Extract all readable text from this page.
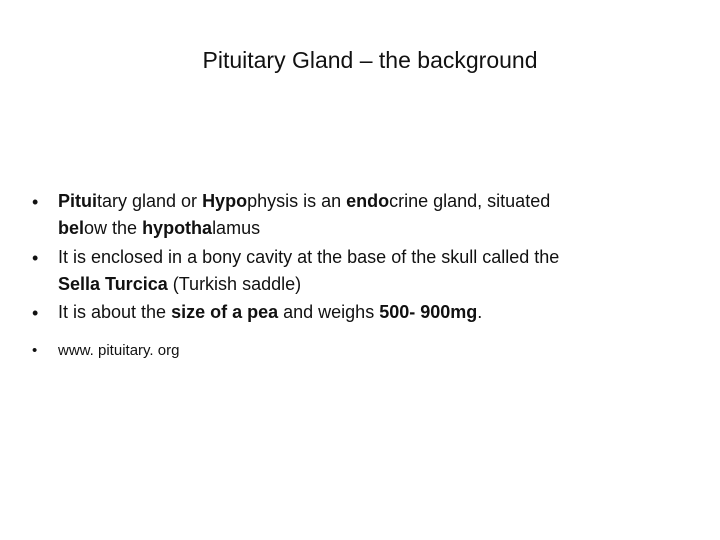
Pituitary Gland – the background
• Pituitary gland or Hypophysis is an endocrine gland, situated
below the hypothalamus
• It is enclosed in a bony cavity at the base of the skull called the
Sella Turcica (Turkish saddle)
• It is about the size of a pea and weighs 500- 900mg.
• www. pituitary. org
